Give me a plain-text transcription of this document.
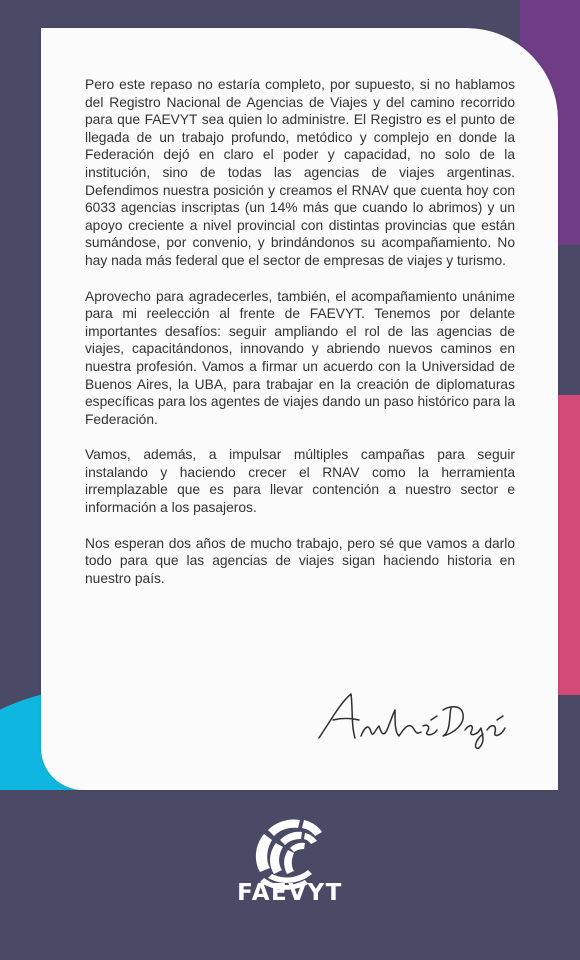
Pero este repaso no estaría completo, por supuesto, si no hablamos del Registro Nacional de Agencias de Viajes y del camino recorrido para que FAEVYT sea quien lo administre. El Registro es el punto de llegada de un trabajo profundo, metódico y complejo en donde la Federación dejó en claro el poder y capacidad, no solo de la institución, sino de todas las agencias de viajes argentinas. Defendimos nuestra posición y creamos el RNAV que cuenta hoy con 6033 agencias inscriptas (un 14% más que cuando lo abrimos) y un apoyo creciente a nivel provincial con distintas provincias que están sumándose, por convenio, y brindándonos su acompañamiento. No hay nada más federal que el sector de empresas de viajes y turismo.

Aprovecho para agradecerles, también, el acompañamiento unánime para mi reelección al frente de FAEVYT. Tenemos por delante importantes desafíos: seguir ampliando el rol de las agencias de viajes, capacitándonos, innovando y abriendo nuevos caminos en nuestra profesión. Vamos a firmar un acuerdo con la Universidad de Buenos Aires, la UBA, para trabajar en la creación de diplomaturas específicas para los agentes de viajes dando un paso histórico para la Federación.

Vamos, además, a impulsar múltiples campañas para seguir instalando y haciendo crecer el RNAV como la herramienta irremplazable que es para llevar contención a nuestro sector e información a los pasajeros.

Nos esperan dos años de mucho trabajo, pero sé que vamos a darlo todo para que las agencias de viajes sigan haciendo historia en nuestro país.

FAEVYT
